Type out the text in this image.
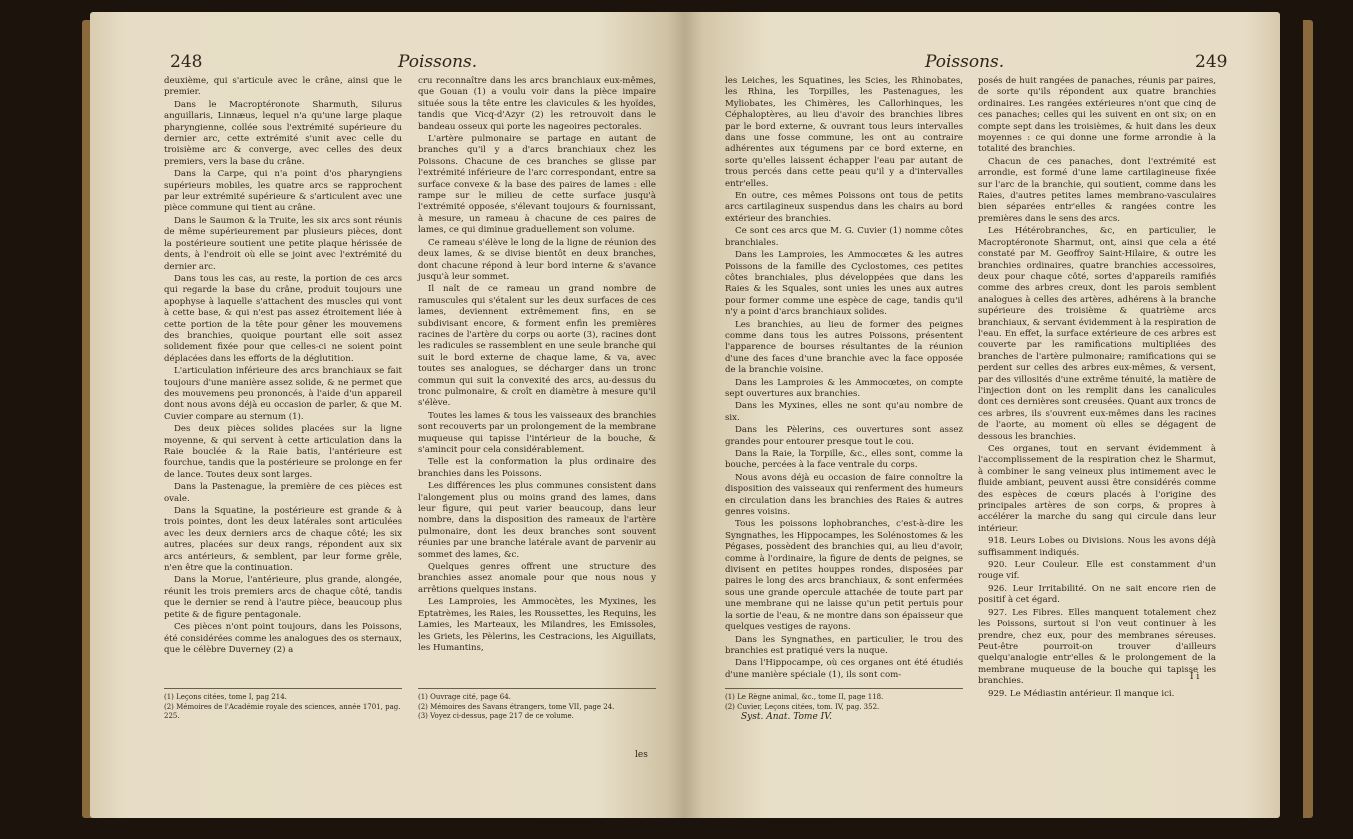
248	Poissons.

deuxième, qui s'articule avec le crâne, ainsi que le premier.

Dans le Macroptéronote Sharmuth, Silurus anguillaris, Linnæus, lequel n'a qu'une large plaque pharyngienne, collée sous l'extrémité supérieure du dernier arc, cette extrémité s'unit avec celle du troisième arc & converge, avec celles des deux premiers, vers la base du crâne.

Dans la Carpe, qui n'a point d'os pharyngiens supérieurs mobiles, les quatre arcs se rapprochent par leur extrémité supérieure & s'articulent avec une pièce commune qui tient au crâne.

Dans le Saumon & la Truite, les six arcs sont réunis de même supérieurement par plusieurs pièces, dont la postérieure soutient une petite plaque hérissée de dents, à l'endroit où elle se joint avec l'extrémité du dernier arc.

Dans tous les cas, au reste, la portion de ces arcs qui regarde la base du crâne, produit toujours une apophyse à laquelle s'attachent des muscles qui vont à cette base, & qui n'est pas assez étroitement liée à cette portion de la tête pour gêner les mouvemens des branchies, quoique pourtant elle soit assez solidement fixée pour que celles-ci ne soient point déplacées dans les efforts de la déglutition.

L'articulation inférieure des arcs branchiaux se fait toujours d'une manière assez solide, & ne permet que des mouvemens peu prononcés, à l'aide d'un appareil dont nous avons déjà eu occasion de parler, & que M. Cuvier compare au sternum (1).

Des deux pièces solides placées sur la ligne moyenne, & qui servent à cette articulation dans la Raie bouclée & la Raie batis, l'antérieure est fourchue, tandis que la postérieure se prolonge en fer de lance. Toutes deux sont larges.

Dans la Pastenague, la première de ces pièces est ovale.

Dans la Squatine, la postérieure est grande & à trois pointes, dont les deux latérales sont articulées avec les deux derniers arcs de chaque côté; les six autres, placées sur deux rangs, répondent aux six arcs antérieurs, & semblent, par leur forme grêle, n'en être que la continuation.

Dans la Morue, l'antérieure, plus grande, alongée, réunit les trois premiers arcs de chaque côté, tandis que le dernier se rend à l'autre pièce, beaucoup plus petite & de figure pentagonale.

Ces pièces n'ont point toujours, dans les Poissons, été considérées comme les analogues des os sternaux, que le célèbre Duverney (2) a

cru reconnaître dans les arcs branchiaux eux-mêmes, que Gouan (1) a voulu voir dans la pièce impaire située sous la tête entre les clavicules & les hyoïdes, tandis que Vicq-d'Azyr (2) les retrouvoit dans le bandeau osseux qui porte les nageoires pectorales.

L'artère pulmonaire se partage en autant de branches qu'il y a d'arcs branchiaux chez les Poissons. Chacune de ces branches se glisse par l'extrémité inférieure de l'arc correspondant, entre sa surface convexe & la base des paires de lames : elle rampe sur le milieu de cette surface jusqu'à l'extrémité opposée, s'élevant toujours & fournissant, à mesure, un rameau à chacune de ces paires de lames, ce qui diminue graduellement son volume.

Ce rameau s'élève le long de la ligne de réunion des deux lames, & se divise bientôt en deux branches, dont chacune répond à leur bord interne & s'avance jusqu'à leur sommet.

Il naît de ce rameau un grand nombre de ramuscules qui s'étalent sur les deux surfaces de ces lames, deviennent extrêmement fins, en se subdivisant encore, & forment enfin les premières racines de l'artère du corps ou aorte (3), racines dont les radicules se rassemblent en une seule branche qui suit le bord externe de chaque lame, & va, avec toutes ses analogues, se décharger dans un tronc commun qui suit la convexité des arcs, au-dessus du tronc pulmonaire, & croît en diamètre à mesure qu'il s'élève.

Toutes les lames & tous les vaisseaux des branchies sont recouverts par un prolongement de la membrane muqueuse qui tapisse l'intérieur de la bouche, & s'amincit pour cela considérablement.

Telle est la conformation la plus ordinaire des branchies dans les Poissons.

Les différences les plus communes consistent dans l'alongement plus ou moins grand des lames, dans leur figure, qui peut varier beaucoup, dans leur nombre, dans la disposition des rameaux de l'artère pulmonaire, dont les deux branches sont souvent réunies par une branche latérale avant de parvenir au sommet des lames, &c.

Quelques genres offrent une structure des branchies assez anomale pour que nous nous y arrêtions quelques instans.

Les Lamproies, les Ammocètes, les Myxines, les Eptatrèmes, les Raies, les Roussettes, les Requins, les Lamies, les Marteaux, les Milandres, les Emissoles, les Griets, les Pèlerins, les Cestracions, les Aiguillats, les Humantins,

(1) Leçons citées, tome I, pag 214.

(2) Mémoires de l'Académie royale des sciences, année 1701, pag. 225.

(1) Ouvrage cité, page 64.

(2) Mémoires des Savans étrangers, tome VII, page 24.

(3) Voyez ci-dessus, page 217 de ce volume.

les
Poissons.	249

les Leiches, les Squatines, les Scies, les Rhinobates, les Rhina, les Torpilles, les Pastenagues, les Myliobates, les Chimères, les Callorhinques, les Céphaloptères, au lieu d'avoir des branchies libres par le bord externe, & ouvrant tous leurs intervalles dans une fosse commune, les ont au contraire adhérentes aux tégumens par ce bord externe, en sorte qu'elles laissent échapper l'eau par autant de trous percés dans cette peau qu'il y a d'intervalles entr'elles.

En outre, ces mêmes Poissons ont tous de petits arcs cartilagineux suspendus dans les chairs au bord extérieur des branchies.

Ce sont ces arcs que M. G. Cuvier (1) nomme côtes branchiales.

Dans les Lamproies, les Ammocœtes & les autres Poissons de la famille des Cyclostomes, ces petites côtes branchiales, plus développées que dans les Raies & les Squales, sont unies les unes aux autres pour former comme une espèce de cage, tandis qu'il n'y a point d'arcs branchiaux solides.

Les branchies, au lieu de former des peignes comme dans tous les autres Poissons, présentent l'apparence de bourses résultantes de la réunion d'une des faces d'une branchie avec la face opposée de la branchie voisine.

Dans les Lamproies & les Ammocœtes, on compte sept ouvertures aux branchies.

Dans les Myxines, elles ne sont qu'au nombre de six.

Dans les Pèlerins, ces ouvertures sont assez grandes pour entourer presque tout le cou.

Dans la Raie, la Torpille, &c., elles sont, comme la bouche, percées à la face ventrale du corps.

Nous avons déjà eu occasion de faire connoître la disposition des vaisseaux qui renferment des humeurs en circulation dans les branchies des Raies & autres genres voisins.

Tous les poissons lophobranches, c'est-à-dire les Syngnathes, les Hippocampes, les Solénostomes & les Pégases, possèdent des branchies qui, au lieu d'avoir, comme à l'ordinaire, la figure de dents de peignes, se divisent en petites houppes rondes, disposées par paires le long des arcs branchiaux, & sont enfermées sous une grande opercule attachée de toute part par une membrane qui ne laisse qu'un petit pertuis pour la sortie de l'eau, & ne montre dans son épaisseur que quelques vestiges de rayons.

Dans les Syngnathes, en particulier, le trou des branchies est pratiqué vers la nuque.

Dans l'Hippocampe, où ces organes ont été étudiés d'une manière spéciale (1), ils sont com-

posés de huit rangées de panaches, réunis par paires, de sorte qu'ils répondent aux quatre branchies ordinaires. Les rangées extérieures n'ont que cinq de ces panaches; celles qui les suivent en ont six; on en compte sept dans les troisièmes, & huit dans les deux moyennes : ce qui donne une forme arrondie à la totalité des branchies.

Chacun de ces panaches, dont l'extrémité est arrondie, est formé d'une lame cartilagineuse fixée sur l'arc de la branchie, qui soutient, comme dans les Raies, d'autres petites lames membrano-vasculaires bien séparées entr'elles & rangées contre les premières dans le sens des arcs.

Les Hétérobranches, &c, en particulier, le Macroptéronote Sharmut, ont, ainsi que cela a été constaté par M. Geoffroy Saint-Hilaire, & outre les branchies ordinaires, quatre branchies accessoires, deux pour chaque côté, sortes d'appareils ramifiés comme des arbres creux, dont les parois semblent analogues à celles des artères, adhérens à la branche supérieure des troisième & quatrième arcs branchiaux, & servant évidemment à la respiration de l'eau. En effet, la surface extérieure de ces arbres est couverte par les ramifications multipliées des branches de l'artère pulmonaire; ramifications qui se perdent sur celles des arbres eux-mêmes, & versent, par des villosités d'une extrême ténuité, la matière de l'injection dont on les remplit dans les canalicules dont ces dernières sont creusées. Quant aux troncs de ces arbres, ils s'ouvrent eux-mêmes dans les racines de l'aorte, au moment où elles se dégagent de dessous les branchies.

Ces organes, tout en servant évidemment à l'accomplissement de la respiration chez le Sharmut, à combiner le sang veineux plus intimement avec le fluide ambiant, peuvent aussi être considérés comme des espèces de cœurs placés à l'origine des principales artères de son corps, & propres à accélérer la marche du sang qui circule dans leur intérieur.

918. Leurs Lobes ou Divisions. Nous les avons déjà suffisamment indiqués.

920. Leur Couleur. Elle est constamment d'un rouge vif.

926. Leur Irritabilité. On ne sait encore rien de positif à cet égard.

927. Les Fibres. Elles manquent totalement chez les Poissons, surtout si l'on veut continuer à les prendre, chez eux, pour des membranes séreuses. Peut-être pourroit-on trouver d'ailleurs quelqu'analogie entr'elles & le prolongement de la membrane muqueuse de la bouche qui tapisse les branchies.

929. Le Médiastin antérieur. Il manque ici.

(1) Le Règne animal, &c., tome II, page 118.

(2) Cuvier, Leçons citées, tom. IV, pag. 352.

Syst. Anat. Tome IV.
I i
